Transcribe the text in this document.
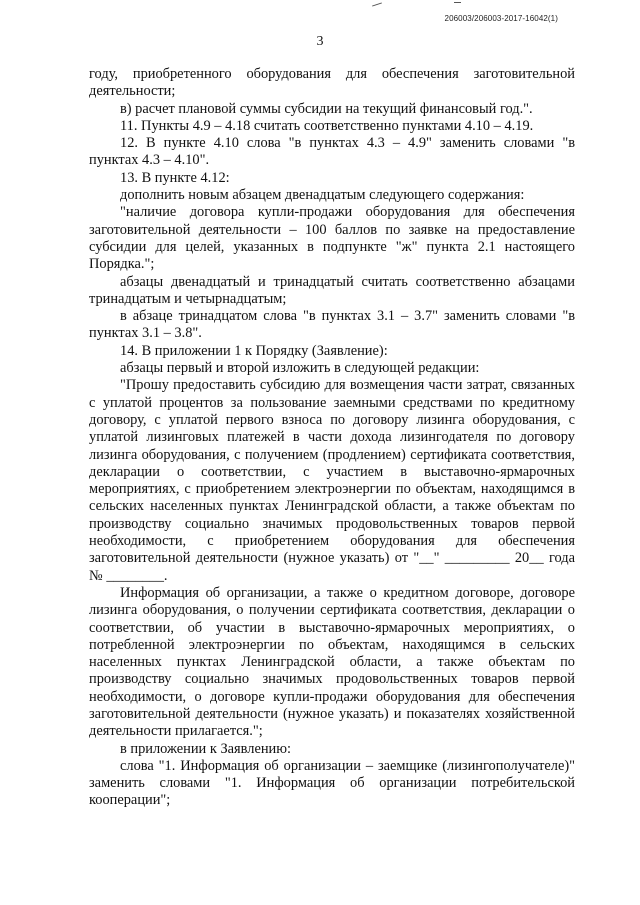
206003/206003-2017-16042(1)
3

году, приобретенного оборудования для обеспечения заготовительной деятельности;

в) расчет плановой суммы субсидии на текущий финансовый год.".

11. Пункты 4.9 – 4.18 считать соответственно пунктами 4.10 – 4.19.

12. В пункте 4.10 слова "в пунктах 4.3 – 4.9" заменить словами "в пунктах 4.3 – 4.10".

13. В пункте 4.12:

дополнить новым абзацем двенадцатым следующего содержания:

"наличие договора купли-продажи оборудования для обеспечения заготовительной деятельности – 100 баллов по заявке на предоставление субсидии для целей, указанных в подпункте "ж" пункта 2.1 настоящего Порядка.";

абзацы двенадцатый и тринадцатый считать соответственно абзацами тринадцатым и четырнадцатым;

в абзаце тринадцатом слова "в пунктах 3.1 – 3.7" заменить словами "в пунктах 3.1 – 3.8".

14. В приложении 1 к Порядку (Заявление):

абзацы первый и второй изложить в следующей редакции:

"Прошу предоставить субсидию для возмещения части затрат, связанных с уплатой процентов за пользование заемными средствами по кредитному договору, с уплатой первого взноса по договору лизинга оборудования, с уплатой лизинговых платежей в части дохода лизингодателя по договору лизинга оборудования, с получением (продлением) сертификата соответствия, декларации о соответствии, с участием в выставочно-ярмарочных мероприятиях, с приобретением электроэнергии по объектам, находящимся в сельских населенных пунктах Ленинградской области, а также объектам по производству социально значимых продовольственных товаров первой необходимости, с приобретением оборудования для обеспечения заготовительной деятельности (нужное указать) от "__" _________ 20__ года № ________.

Информация об организации, а также о кредитном договоре, договоре лизинга оборудования, о получении сертификата соответствия, декларации о соответствии, об участии в выставочно-ярмарочных мероприятиях, о потребленной электроэнергии по объектам, находящимся в сельских населенных пунктах Ленинградской области, а также объектам по производству социально значимых продовольственных товаров первой необходимости, о договоре купли-продажи оборудования для обеспечения заготовительной деятельности (нужное указать) и показателях хозяйственной деятельности прилагается.";

в приложении к Заявлению:

слова "1. Информация об организации – заемщике (лизингополучателе)" заменить словами "1. Информация об организации потребительской кооперации";
